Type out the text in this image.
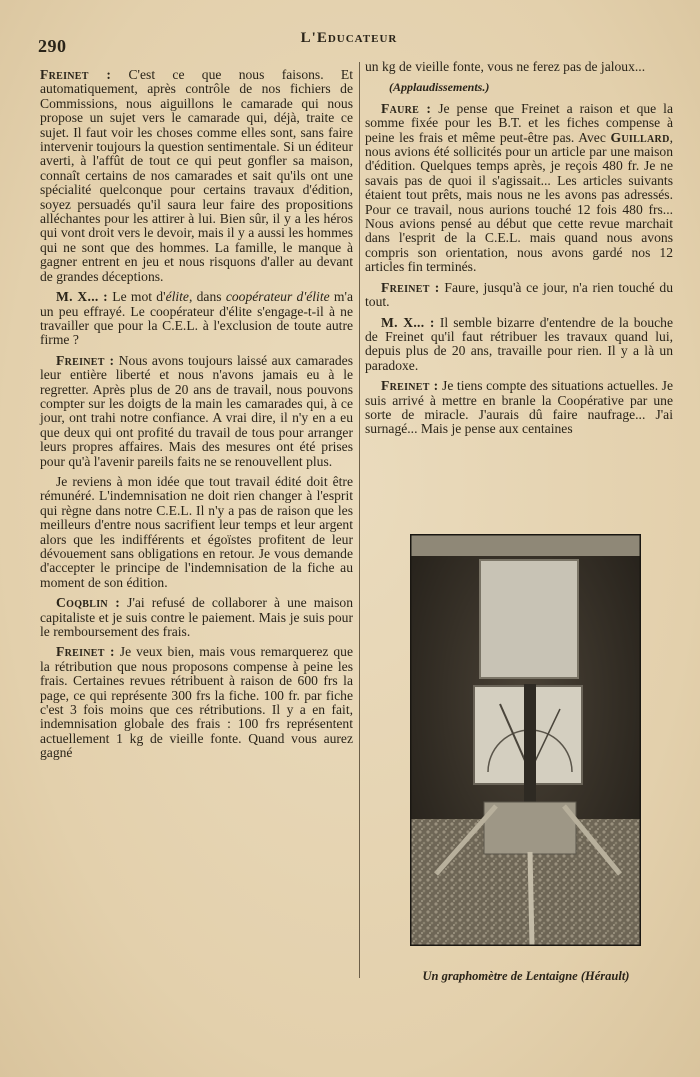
290	L'Educateur

Freinet : C'est ce que nous faisons. Et automatiquement, après contrôle de nos fichiers de Commissions, nous aiguillons le camarade qui nous propose un sujet vers le camarade qui, déjà, traite ce sujet. Il faut voir les choses comme elles sont, sans faire intervenir toujours la question sentimentale. Si un éditeur averti, à l'affût de tout ce qui peut gonfler sa maison, connaît certains de nos camarades et sait qu'ils ont une spécialité quelconque pour certains travaux d'édition, soyez persuadés qu'il saura leur faire des propositions alléchantes pour les attirer à lui. Bien sûr, il y a les héros qui vont droit vers le devoir, mais il y a aussi les hommes qui ne sont que des hommes. La famille, le manque à gagner entrent en jeu et nous risquons d'aller au devant de grandes déceptions.

M. X... : Le mot d'élite, dans coopérateur d'élite m'a un peu effrayé. Le coopérateur d'élite s'engage-t-il à ne travailler que pour la C.E.L. à l'exclusion de toute autre firme ?

Freinet : Nous avons toujours laissé aux camarades leur entière liberté et nous n'avons jamais eu à le regretter. Après plus de 20 ans de travail, nous pouvons compter sur les doigts de la main les camarades qui, à ce jour, ont trahi notre confiance. A vrai dire, il n'y en a eu que deux qui ont profité du travail de tous pour arranger leurs propres affaires. Mais des mesures ont été prises pour qu'à l'avenir pareils faits ne se renouvellent plus.

Je reviens à mon idée que tout travail édité doit être rémunéré. L'indemnisation ne doit rien changer à l'esprit qui règne dans notre C.E.L. Il n'y a pas de raison que les meilleurs d'entre nous sacrifient leur temps et leur argent alors que les indifférents et égoïstes profitent de leur dévouement sans obligations en retour. Je vous demande d'accepter le principe de l'indemnisation de la fiche au moment de son édition.

Coqblin : J'ai refusé de collaborer à une maison capitaliste et je suis contre le paiement. Mais je suis pour le remboursement des frais.

Freinet : Je veux bien, mais vous remarquerez que la rétribution que nous proposons compense à peine les frais. Certaines revues rétribuent à raison de 600 frs la page, ce qui représente 300 frs la fiche. 100 fr. par fiche c'est 3 fois moins que ces rétributions. Il y a en fait, indemnisation globale des frais : 100 frs représentent actuellement 1 kg de vieille fonte. Quand vous aurez gagné

un kg de vieille fonte, vous ne ferez pas de jaloux...

(Applaudissements.)

Faure : Je pense que Freinet a raison et que la somme fixée pour les B.T. et les fiches compense à peine les frais et même peut-être pas. Avec Guillard, nous avions été sollicités pour un article par une maison d'édition. Quelques temps après, je reçois 480 fr. Je ne savais pas de quoi il s'agissait... Les articles suivants étaient tout prêts, mais nous ne les avons pas adressés. Pour ce travail, nous aurions touché 12 fois 480 frs... Nous avions pensé au début que cette revue marchait dans l'esprit de la C.E.L. mais quand nous avons compris son orientation, nous avons gardé nos 12 articles fin terminés.

Freinet : Faure, jusqu'à ce jour, n'a rien touché du tout.

M. X... : Il semble bizarre d'entendre de la bouche de Freinet qu'il faut rétribuer les travaux quand lui, depuis plus de 20 ans, travaille pour rien. Il y a là un paradoxe.

Freinet : Je tiens compte des situations actuelles. Je suis arrivé à mettre en branle la Coopérative par une sorte de miracle. J'aurais dû faire naufrage... J'ai surnagé... Mais je pense aux centaines

Un graphomètre de Lentaigne (Hérault)
